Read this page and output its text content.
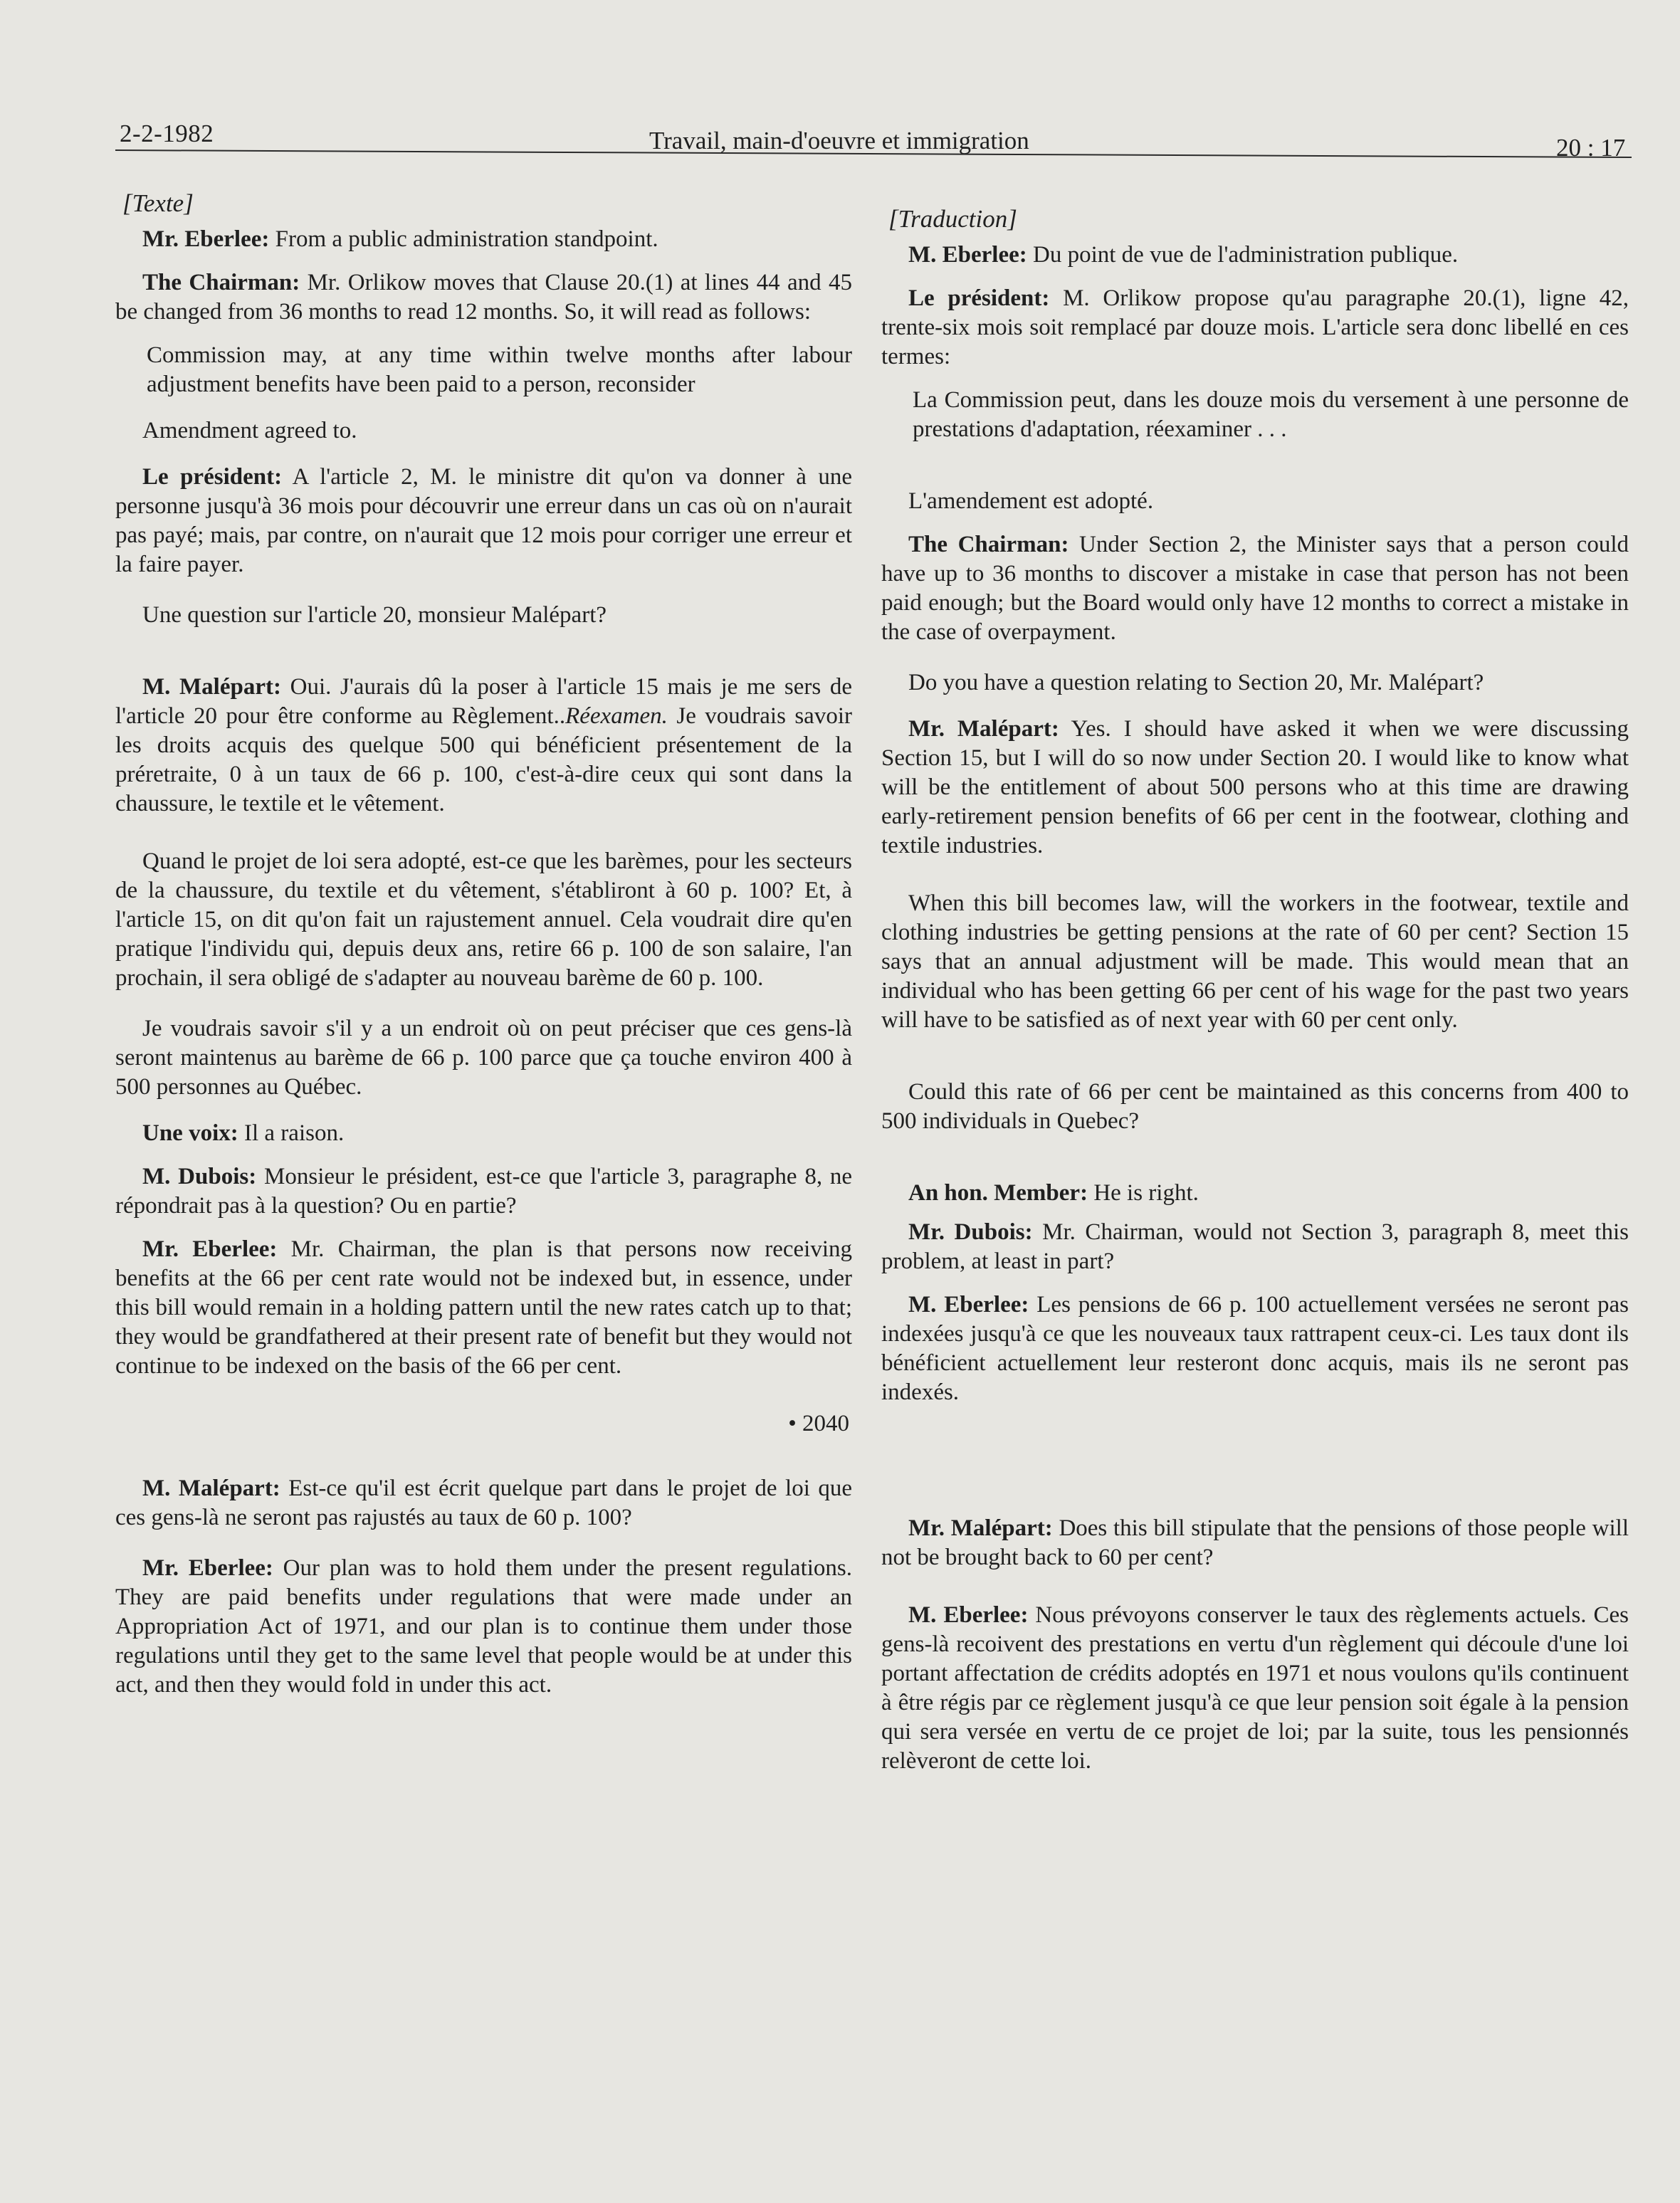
2-2-1982	Travail, main-d'oeuvre et immigration	20 : 17

[Texte]

Mr. Eberlee: From a public administration standpoint.

The Chairman: Mr. Orlikow moves that Clause 20.(1) at lines 44 and 45 be changed from 36 months to read 12 months. So, it will read as follows:

Commission may, at any time within twelve months after labour adjustment benefits have been paid to a person, reconsider

Amendment agreed to.

Le président: A l'article 2, M. le ministre dit qu'on va donner à une personne jusqu'à 36 mois pour découvrir une erreur dans un cas où on n'aurait pas payé; mais, par contre, on n'aurait que 12 mois pour corriger une erreur et la faire payer.

Une question sur l'article 20, monsieur Malépart?

M. Malépart: Oui. J'aurais dû la poser à l'article 15 mais je me sers de l'article 20 pour être conforme au Règlement..Réexamen. Je voudrais savoir les droits acquis des quelque 500 qui bénéficient présentement de la préretraite, 0 à un taux de 66 p. 100, c'est-à-dire ceux qui sont dans la chaussure, le textile et le vêtement.

Quand le projet de loi sera adopté, est-ce que les barèmes, pour les secteurs de la chaussure, du textile et du vêtement, s'établiront à 60 p. 100? Et, à l'article 15, on dit qu'on fait un rajustement annuel. Cela voudrait dire qu'en pratique l'individu qui, depuis deux ans, retire 66 p. 100 de son salaire, l'an prochain, il sera obligé de s'adapter au nouveau barème de 60 p. 100.

Je voudrais savoir s'il y a un endroit où on peut préciser que ces gens-là seront maintenus au barème de 66 p. 100 parce que ça touche environ 400 à 500 personnes au Québec.

Une voix: Il a raison.

M. Dubois: Monsieur le président, est-ce que l'article 3, paragraphe 8, ne répondrait pas à la question? Ou en partie?

Mr. Eberlee: Mr. Chairman, the plan is that persons now receiving benefits at the 66 per cent rate would not be indexed but, in essence, under this bill would remain in a holding pattern until the new rates catch up to that; they would be grandfathered at their present rate of benefit but they would not continue to be indexed on the basis of the 66 per cent.

• 2040

M. Malépart: Est-ce qu'il est écrit quelque part dans le projet de loi que ces gens-là ne seront pas rajustés au taux de 60 p. 100?

Mr. Eberlee: Our plan was to hold them under the present regulations. They are paid benefits under regulations that were made under an Appropriation Act of 1971, and our plan is to continue them under those regulations until they get to the same level that people would be at under this act, and then they would fold in under this act.

[Traduction]

M. Eberlee: Du point de vue de l'administration publique.

Le président: M. Orlikow propose qu'au paragraphe 20.(1), ligne 42, trente-six mois soit remplacé par douze mois. L'article sera donc libellé en ces termes:

La Commission peut, dans les douze mois du versement à une personne de prestations d'adaptation, réexaminer . . .

L'amendement est adopté.

The Chairman: Under Section 2, the Minister says that a person could have up to 36 months to discover a mistake in case that person has not been paid enough; but the Board would only have 12 months to correct a mistake in the case of overpayment.

Do you have a question relating to Section 20, Mr. Malépart?

Mr. Malépart: Yes. I should have asked it when we were discussing Section 15, but I will do so now under Section 20. I would like to know what will be the entitlement of about 500 persons who at this time are drawing early-retirement pension benefits of 66 per cent in the footwear, clothing and textile industries.

When this bill becomes law, will the workers in the footwear, textile and clothing industries be getting pensions at the rate of 60 per cent? Section 15 says that an annual adjustment will be made. This would mean that an individual who has been getting 66 per cent of his wage for the past two years will have to be satisfied as of next year with 60 per cent only.

Could this rate of 66 per cent be maintained as this concerns from 400 to 500 individuals in Quebec?

An hon. Member: He is right.

Mr. Dubois: Mr. Chairman, would not Section 3, paragraph 8, meet this problem, at least in part?

M. Eberlee: Les pensions de 66 p. 100 actuellement versées ne seront pas indexées jusqu'à ce que les nouveaux taux rattrapent ceux-ci. Les taux dont ils bénéficient actuellement leur resteront donc acquis, mais ils ne seront pas indexés.

Mr. Malépart: Does this bill stipulate that the pensions of those people will not be brought back to 60 per cent?

M. Eberlee: Nous prévoyons conserver le taux des règlements actuels. Ces gens-là recoivent des prestations en vertu d'un règlement qui découle d'une loi portant affectation de crédits adoptés en 1971 et nous voulons qu'ils continuent à être régis par ce règlement jusqu'à ce que leur pension soit égale à la pension qui sera versée en vertu de ce projet de loi; par la suite, tous les pensionnés relèveront de cette loi.
